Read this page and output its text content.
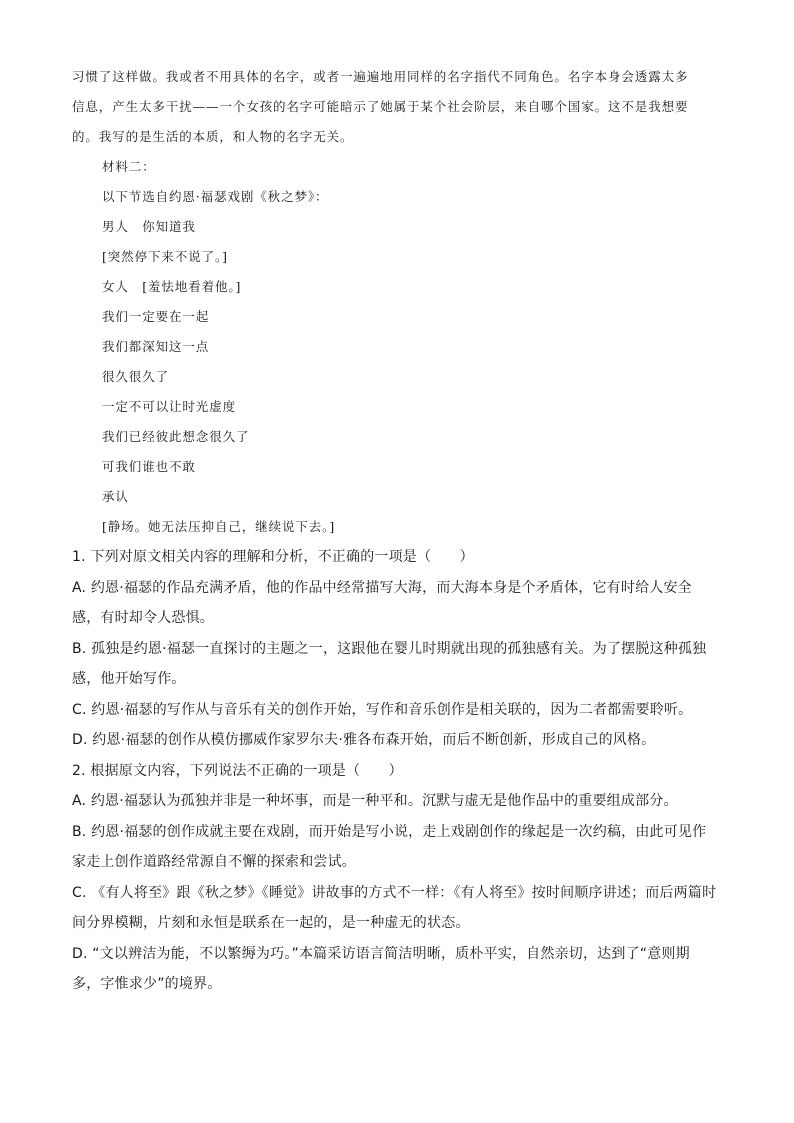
习惯了这样做。我或者不用具体的名字，或者一遍遍地用同样的名字指代不同角色。名字本身会透露太多

信息，产生太多干扰——一个女孩的名字可能暗示了她属于某个社会阶层，来自哪个国家。这不是我想要

的。我写的是生活的本质，和人物的名字无关。

材料二：

以下节选自约恩·福瑟戏剧《秋之梦》：

男人　你知道我

[突然停下来不说了。]

女人　[羞怯地看着他。]

我们一定要在一起

我们都深知这一点

很久很久了

一定不可以让时光虚度

我们已经彼此想念很久了

可我们谁也不敢

承认

[静场。她无法压抑自己，继续说下去。]

1. 下列对原文相关内容的理解和分析，不正确的一项是（　　）

A. 约恩·福瑟的作品充满矛盾，他的作品中经常描写大海，而大海本身是个矛盾体，它有时给人安全

感，有时却令人恐惧。

B. 孤独是约恩·福瑟一直探讨的主题之一，这跟他在婴儿时期就出现的孤独感有关。为了摆脱这种孤独

感，他开始写作。

C. 约恩·福瑟的写作从与音乐有关的创作开始，写作和音乐创作是相关联的，因为二者都需要聆听。

D. 约恩·福瑟的创作从模仿挪威作家罗尔夫·雅各布森开始，而后不断创新，形成自己的风格。

2. 根据原文内容，下列说法不正确的一项是（　　）

A. 约恩·福瑟认为孤独并非是一种坏事，而是一种平和。沉默与虚无是他作品中的重要组成部分。

B. 约恩·福瑟的创作成就主要在戏剧，而开始是写小说，走上戏剧创作的缘起是一次约稿，由此可见作

家走上创作道路经常源自不懈的探索和尝试。

C. 《有人将至》跟《秋之梦》《睡觉》讲故事的方式不一样：《有人将至》按时间顺序讲述；而后两篇时

间分界模糊，片刻和永恒是联系在一起的，是一种虚无的状态。

D. “文以辨洁为能，不以繁缛为巧。”本篇采访语言简洁明晰，质朴平实，自然亲切，达到了“意则期

多，字惟求少”的境界。
